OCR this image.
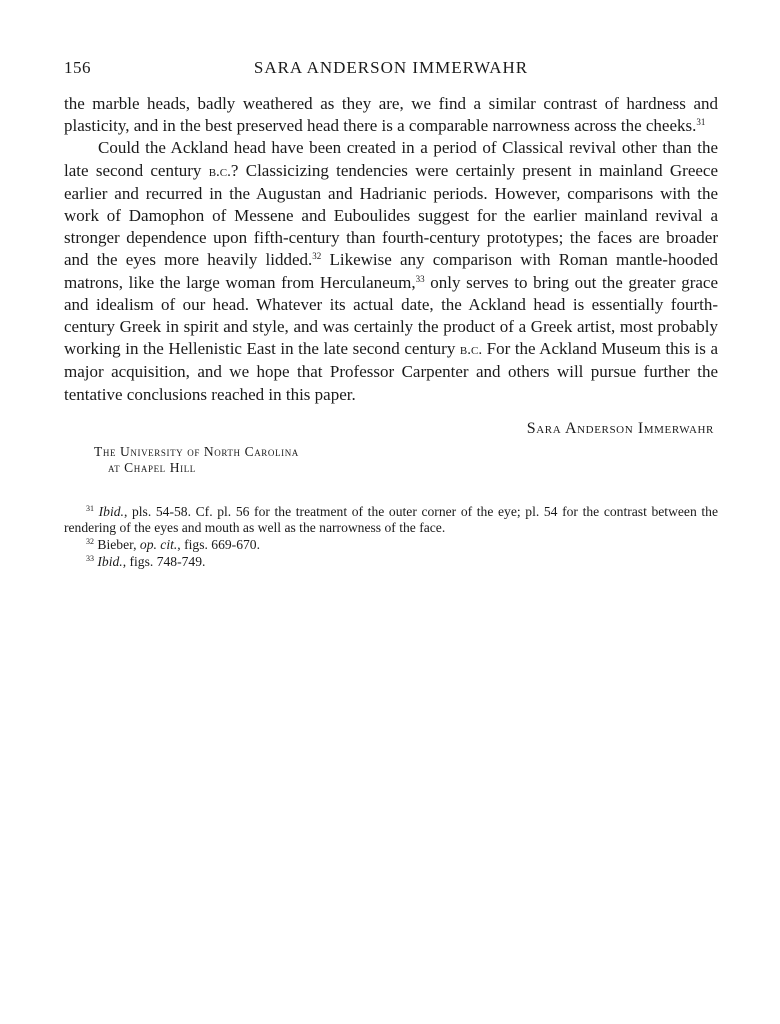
156	SARA ANDERSON IMMERWAHR

the marble heads, badly weathered as they are, we find a similar contrast of hardness and plasticity, and in the best preserved head there is a comparable narrowness across the cheeks.$^{31}$

Could the Ackland head have been created in a period of Classical revival other than the late second century b.c.? Classicizing tendencies were certainly present in mainland Greece earlier and recurred in the Augustan and Hadrianic periods. However, comparisons with the work of Damophon of Messene and Euboulides suggest for the earlier mainland revival a stronger dependence upon fifth-century than fourth-century prototypes; the faces are broader and the eyes more heavily lidded.$^{32}$ Likewise any comparison with Roman mantle-hooded matrons, like the large woman from Herculaneum,$^{33}$ only serves to bring out the greater grace and idealism of our head. Whatever its actual date, the Ackland head is essentially fourth-century Greek in spirit and style, and was certainly the product of a Greek artist, most probably working in the Hellenistic East in the late second century b.c. For the Ackland Museum this is a major acquisition, and we hope that Professor Carpenter and others will pursue further the tentative conclusions reached in this paper.

Sara Anderson Immerwahr
The University of North Carolina
at Chapel Hill

$^{31}$ Ibid., pls. 54-58. Cf. pl. 56 for the treatment of the outer corner of the eye; pl. 54 for the contrast between the rendering of the eyes and mouth as well as the narrowness of the face.

$^{32}$ Bieber, op. cit., figs. 669-670.

$^{33}$ Ibid., figs. 748-749.
